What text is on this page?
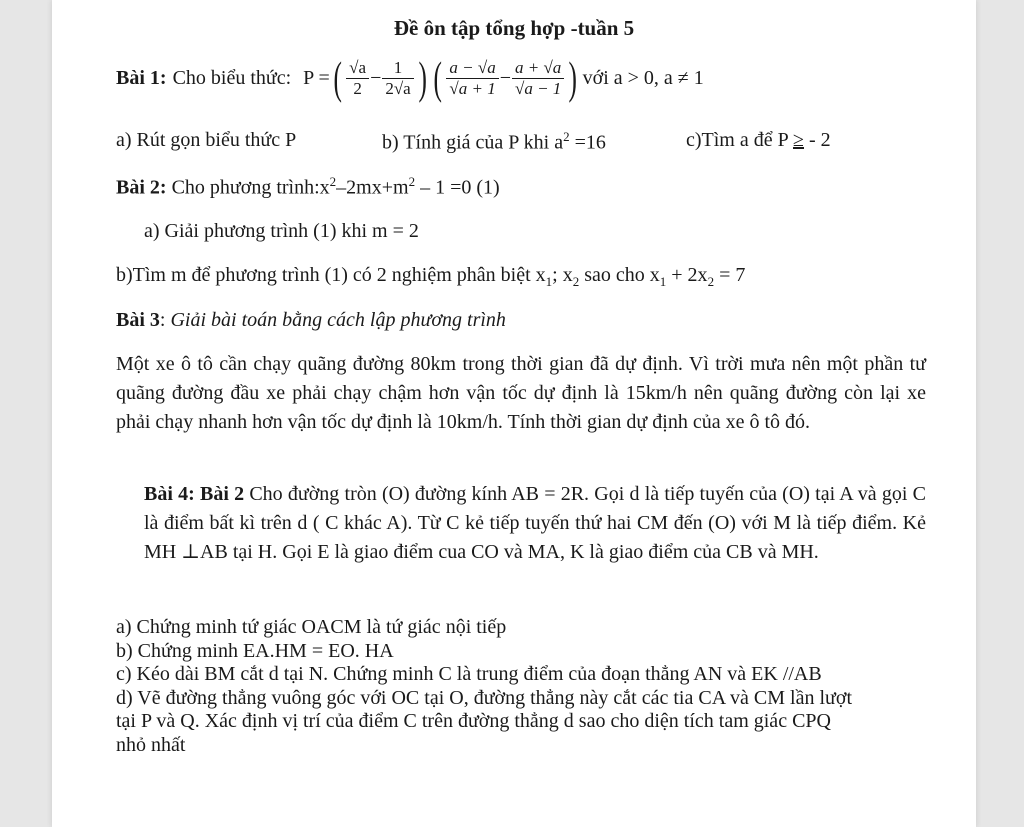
Đề ôn tập tổng hợp -tuần 5
Bài 1: Cho biểu thức: P = ( $\frac{√a}{2} - \frac{1}{2√a}$ ) ( $\frac{a - √a}{√a + 1} - \frac{a + √a}{√a - 1}$ ) với a > 0, a ≠ 1
a) Rút gọn biểu thức P	b) Tính giá của P khi $a^2 =16$	c)Tìm a để P ≥ - 2
Bài 2: Cho phương $trình:x^2-2mx+m^2 - 1 =0$ (1)
a) Giải phương trình (1) khi m = 2
b)Tìm m để phương trình (1) có 2 nghiệm phân biệt $x_1$; $x_2$ sao cho $x_1 + 2x_2 = 7$
Bài 3: Giải bài toán bằng cách lập phương trình

Một xe ô tô cần chạy quãng đường 80km trong thời gian đã dự định. Vì trời mưa nên một phần tư quãng đường đầu xe phải chạy chậm hơn vận tốc dự định là 15km/h nên quãng đường còn lại xe phải chạy nhanh hơn vận tốc dự định là 10km/h. Tính thời gian dự định của xe ô tô đó.

Bài 4: Bài 2 Cho đường tròn (O) đường kính AB = 2R. Gọi d là tiếp tuyến của (O) tại A và gọi C là điểm bất kì trên d ( C khác A). Từ C kẻ tiếp tuyến thứ hai CM đến (O) với M là tiếp điểm. Kẻ MH ⊥AB tại H. Gọi E là giao điểm cua CO và MA, K là giao điểm của CB và MH.

a) Chứng minh tứ giác OACM là tứ giác nội tiếp
b) Chứng minh EA.HM = EO. HA
c) Kéo dài BM cắt d tại N. Chứng minh C là trung điểm của đoạn thẳng AN và EK //AB
d) Vẽ đường thẳng vuông góc với OC tại O, đường thẳng này cắt các tia CA và CM lần lượt
tại P và Q. Xác định vị trí của điểm C trên đường thẳng d sao cho diện tích tam giác CPQ
nhỏ nhất
